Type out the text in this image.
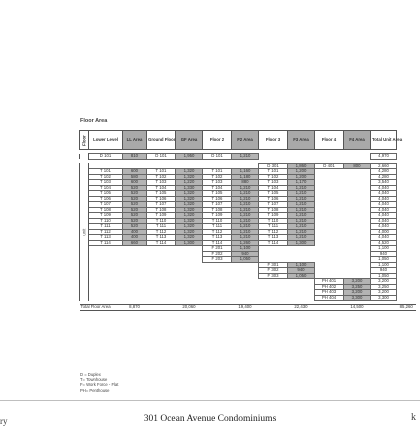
Floor Area
Floor	Lower Level	LL Area	Ground Floor	GF Area	Floor 2	F2 Area	Floor 3	F3 Area	Floor 4	F4 Area	Total Unit Area	

	D 101	810	D 101	1,950	D 101	1,210					4,970	

unit							D 301	1,860	D 401	800	2,660	
	T 101	600	T 101	1,320	T 101	1,160	T 101	1,200			4,280	
	T 102	580	T 102	1,320	T 102	1,180	T 102	1,200			4,280	
	T 103	600	T 103	1,220	T 103	880	T 103	1,170			3,540	
	T 104	520	T 104	1,330	T 104	1,210	T 104	1,210			4,040	
	T 105	520	T 105	1,320	T 105	1,210	T 105	1,210			4,040	
	T 106	520	T 106	1,320	T 106	1,210	T 106	1,210			4,040	
	T 107	520	T 107	1,320	T 107	1,210	T 107	1,210			4,040	
	T 108	520	T 108	1,320	T 108	1,210	T 108	1,210			4,040	
	T 109	520	T 109	1,320	T 109	1,210	T 109	1,210			4,040	
	T 110	520	T 110	1,320	T 110	1,210	T 110	1,210			4,040	
	T 111	520	T 111	1,320	T 111	1,210	T 111	1,210			4,040	
	T 112	400	T 112	1,320	T 112	1,210	T 112	1,210			4,000	
	T 113	400	T 113	1,320	T 113	1,210	T 113	1,210			4,040	
	T 114	660	T 114	1,300	T 114	1,260	T 114	1,300			4,520	
					F 201	1,100					1,100	
					F 202	940					940	
					F 203	1,050					1,050	
							F 301	1,100			1,100	
							F 302	940			940	
							F 303	1,050			1,050	
									PH 401	3,200	3,200	
									PH 402	3,250	3,250	
									PH 403	3,200	3,200	
									PH 404	3,300	3,300	

Total Floor Area		8,870		20,060		19,400		22,430		14,500		85,260
D = Duplex
T= Townhouse
F= Work Force - Flat
PH= Penthouse
ry	301 Ocean Avenue Condominiums	k
